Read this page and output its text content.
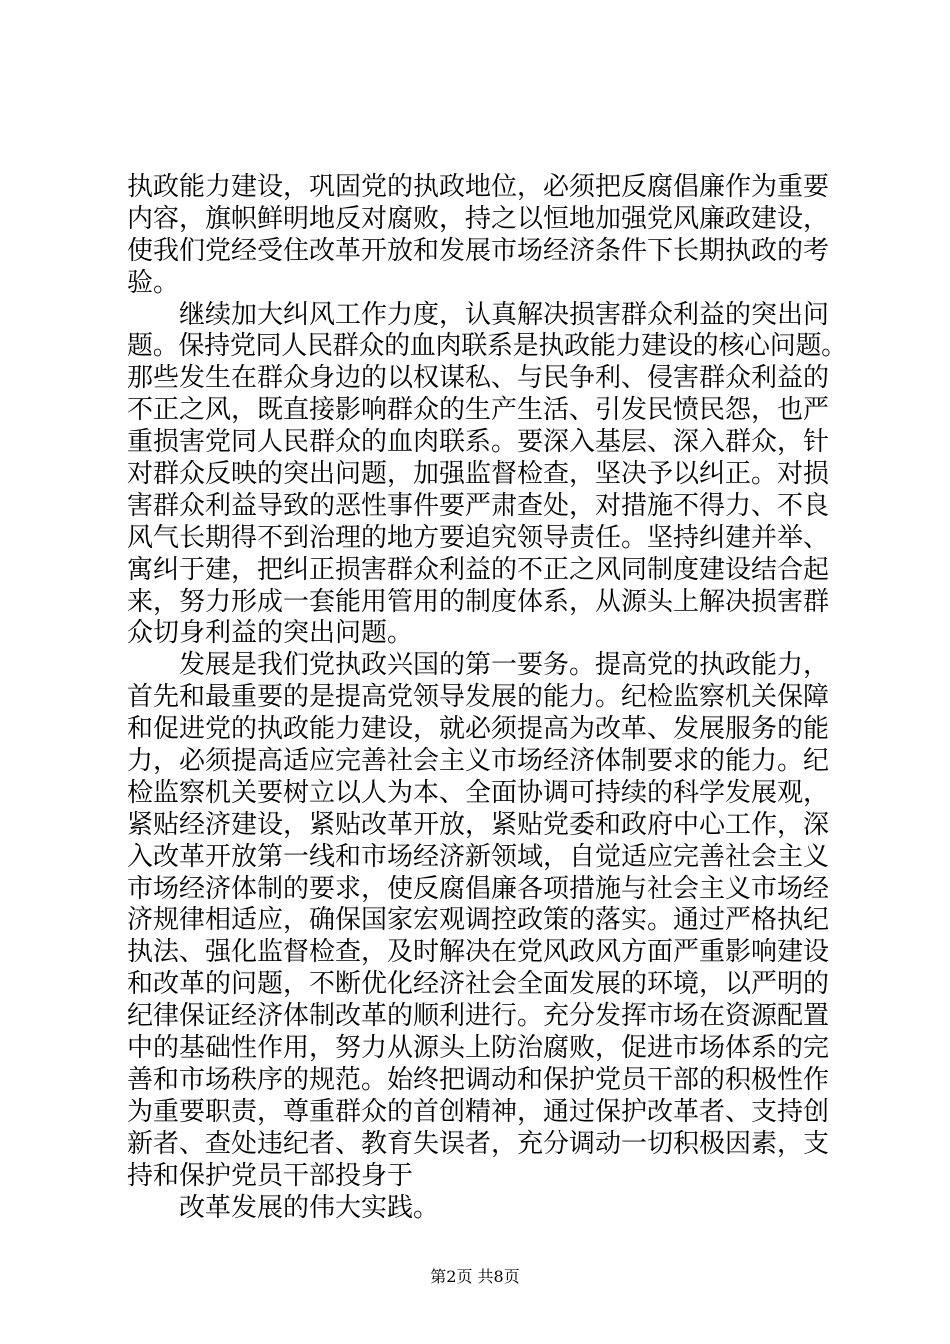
执政能力建设，巩固党的执政地位，必须把反腐倡廉作为重要
内容，旗帜鲜明地反对腐败，持之以恒地加强党风廉政建设，
使我们党经受住改革开放和发展市场经济条件下长期执政的考
验。
继续加大纠风工作力度，认真解决损害群众利益的突出问
题。保持党同人民群众的血肉联系是执政能力建设的核心问题。
那些发生在群众身边的以权谋私、与民争利、侵害群众利益的
不正之风，既直接影响群众的生产生活、引发民愤民怨，也严
重损害党同人民群众的血肉联系。要深入基层、深入群众，针
对群众反映的突出问题，加强监督检查，坚决予以纠正。对损
害群众利益导致的恶性事件要严肃查处，对措施不得力、不良
风气长期得不到治理的地方要追究领导责任。坚持纠建并举、
寓纠于建，把纠正损害群众利益的不正之风同制度建设结合起
来，努力形成一套能用管用的制度体系，从源头上解决损害群
众切身利益的突出问题。
发展是我们党执政兴国的第一要务。提高党的执政能力，
首先和最重要的是提高党领导发展的能力。纪检监察机关保障
和促进党的执政能力建设，就必须提高为改革、发展服务的能
力，必须提高适应完善社会主义市场经济体制要求的能力。纪
检监察机关要树立以人为本、全面协调可持续的科学发展观，
紧贴经济建设，紧贴改革开放，紧贴党委和政府中心工作，深
入改革开放第一线和市场经济新领域，自觉适应完善社会主义
市场经济体制的要求，使反腐倡廉各项措施与社会主义市场经
济规律相适应，确保国家宏观调控政策的落实。通过严格执纪
执法、强化监督检查，及时解决在党风政风方面严重影响建设
和改革的问题，不断优化经济社会全面发展的环境，以严明的
纪律保证经济体制改革的顺利进行。充分发挥市场在资源配置
中的基础性作用，努力从源头上防治腐败，促进市场体系的完
善和市场秩序的规范。始终把调动和保护党员干部的积极性作
为重要职责，尊重群众的首创精神，通过保护改革者、支持创
新者、查处违纪者、教育失误者，充分调动一切积极因素，支
持和保护党员干部投身于
改革发展的伟大实践。
第2页 共8页
